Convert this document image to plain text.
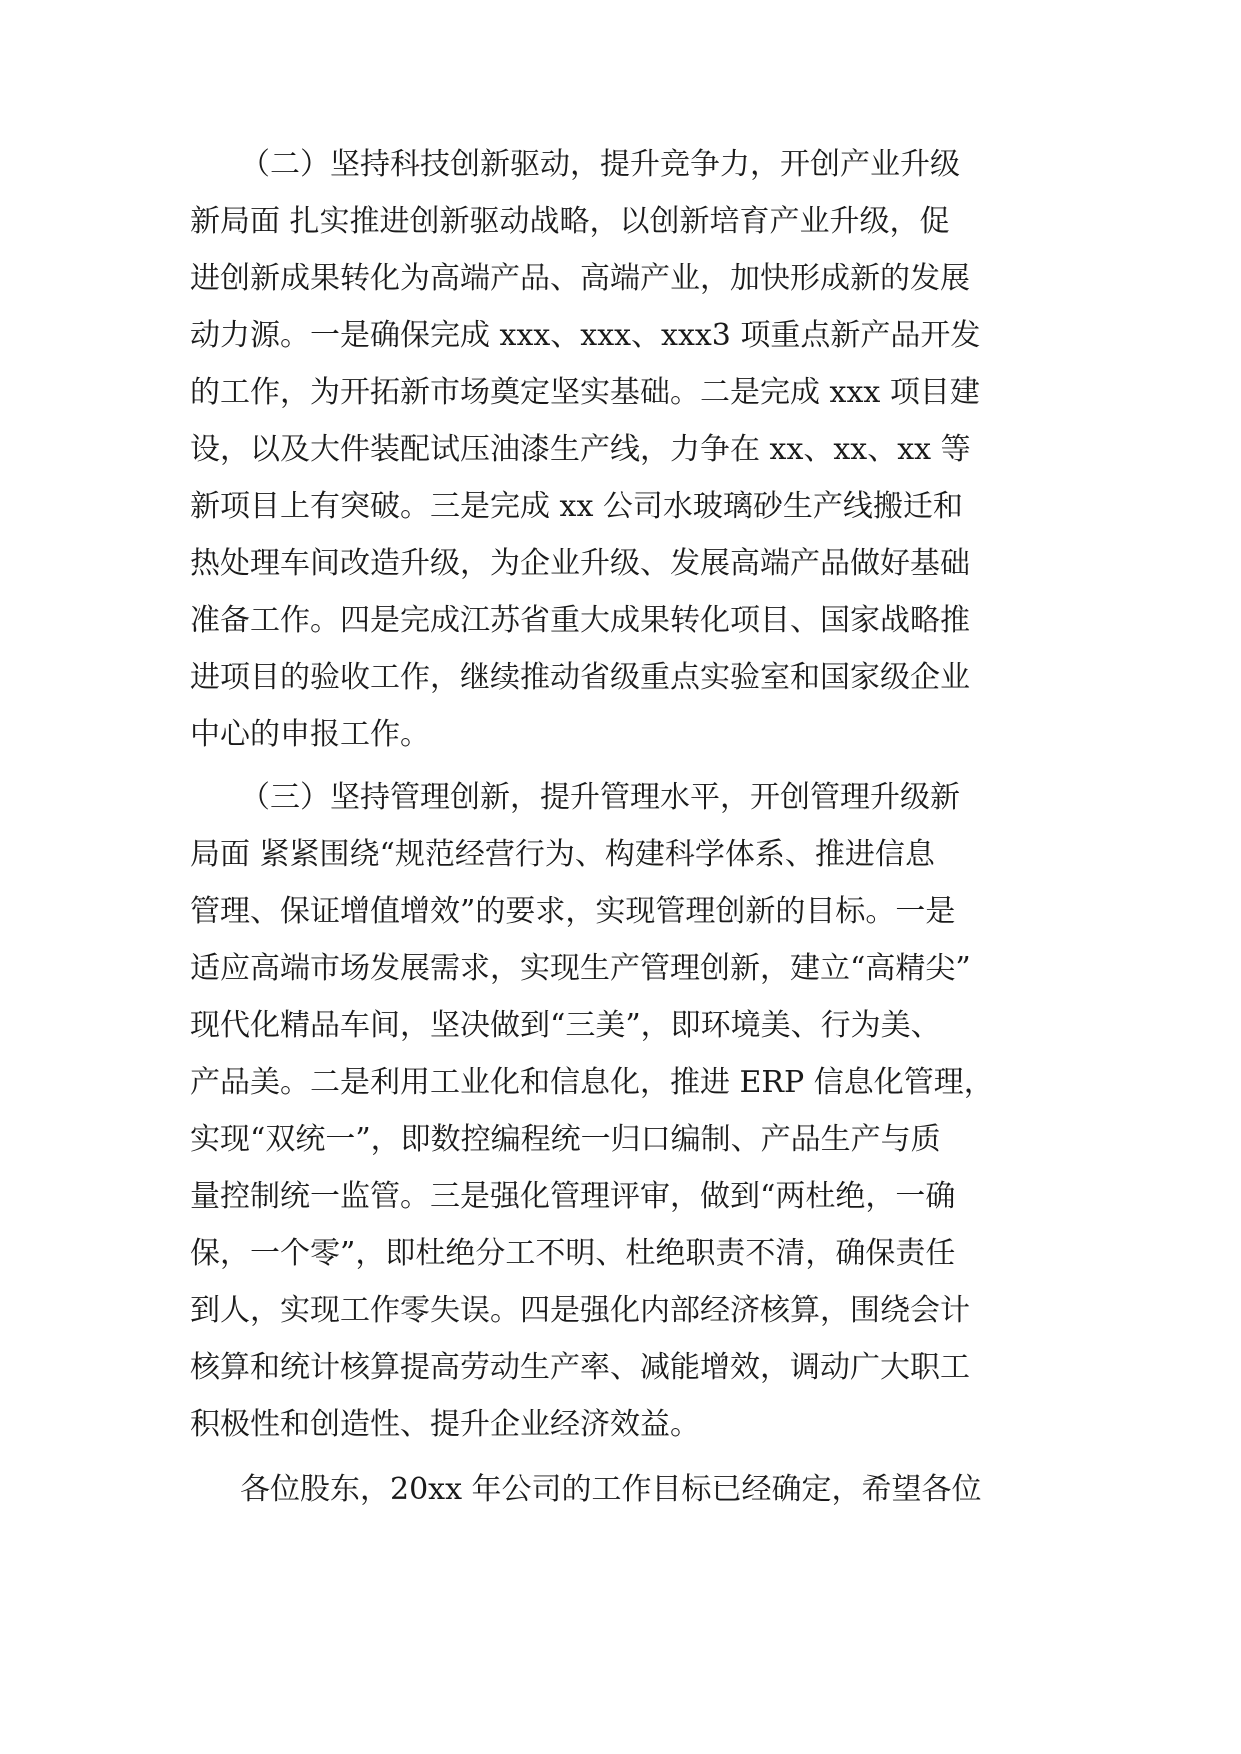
（二）坚持科技创新驱动，提升竞争力，开创产业升级
新局面 扎实推进创新驱动战略，以创新培育产业升级，促
进创新成果转化为高端产品、高端产业，加快形成新的发展
动力源。一是确保完成 xxx、xxx、xxx3 项重点新产品开发
的工作，为开拓新市场奠定坚实基础。二是完成 xxx 项目建
设，以及大件装配试压油漆生产线，力争在 xx、xx、xx 等
新项目上有突破。三是完成 xx 公司水玻璃砂生产线搬迁和
热处理车间改造升级，为企业升级、发展高端产品做好基础
准备工作。四是完成江苏省重大成果转化项目、国家战略推
进项目的验收工作，继续推动省级重点实验室和国家级企业
中心的申报工作。
（三）坚持管理创新，提升管理水平，开创管理升级新
局面 紧紧围绕“规范经营行为、构建科学体系、推进信息
管理、保证增值增效”的要求，实现管理创新的目标。一是
适应高端市场发展需求，实现生产管理创新，建立“高精尖”
现代化精品车间，坚决做到“三美”，即环境美、行为美、
产品美。二是利用工业化和信息化，推进 ERP 信息化管理，
实现“双统一”，即数控编程统一归口编制、产品生产与质
量控制统一监管。三是强化管理评审，做到“两杜绝，一确
保，一个零”，即杜绝分工不明、杜绝职责不清，确保责任
到人，实现工作零失误。四是强化内部经济核算，围绕会计
核算和统计核算提高劳动生产率、减能增效，调动广大职工
积极性和创造性、提升企业经济效益。
各位股东，20xx 年公司的工作目标已经确定，希望各位
